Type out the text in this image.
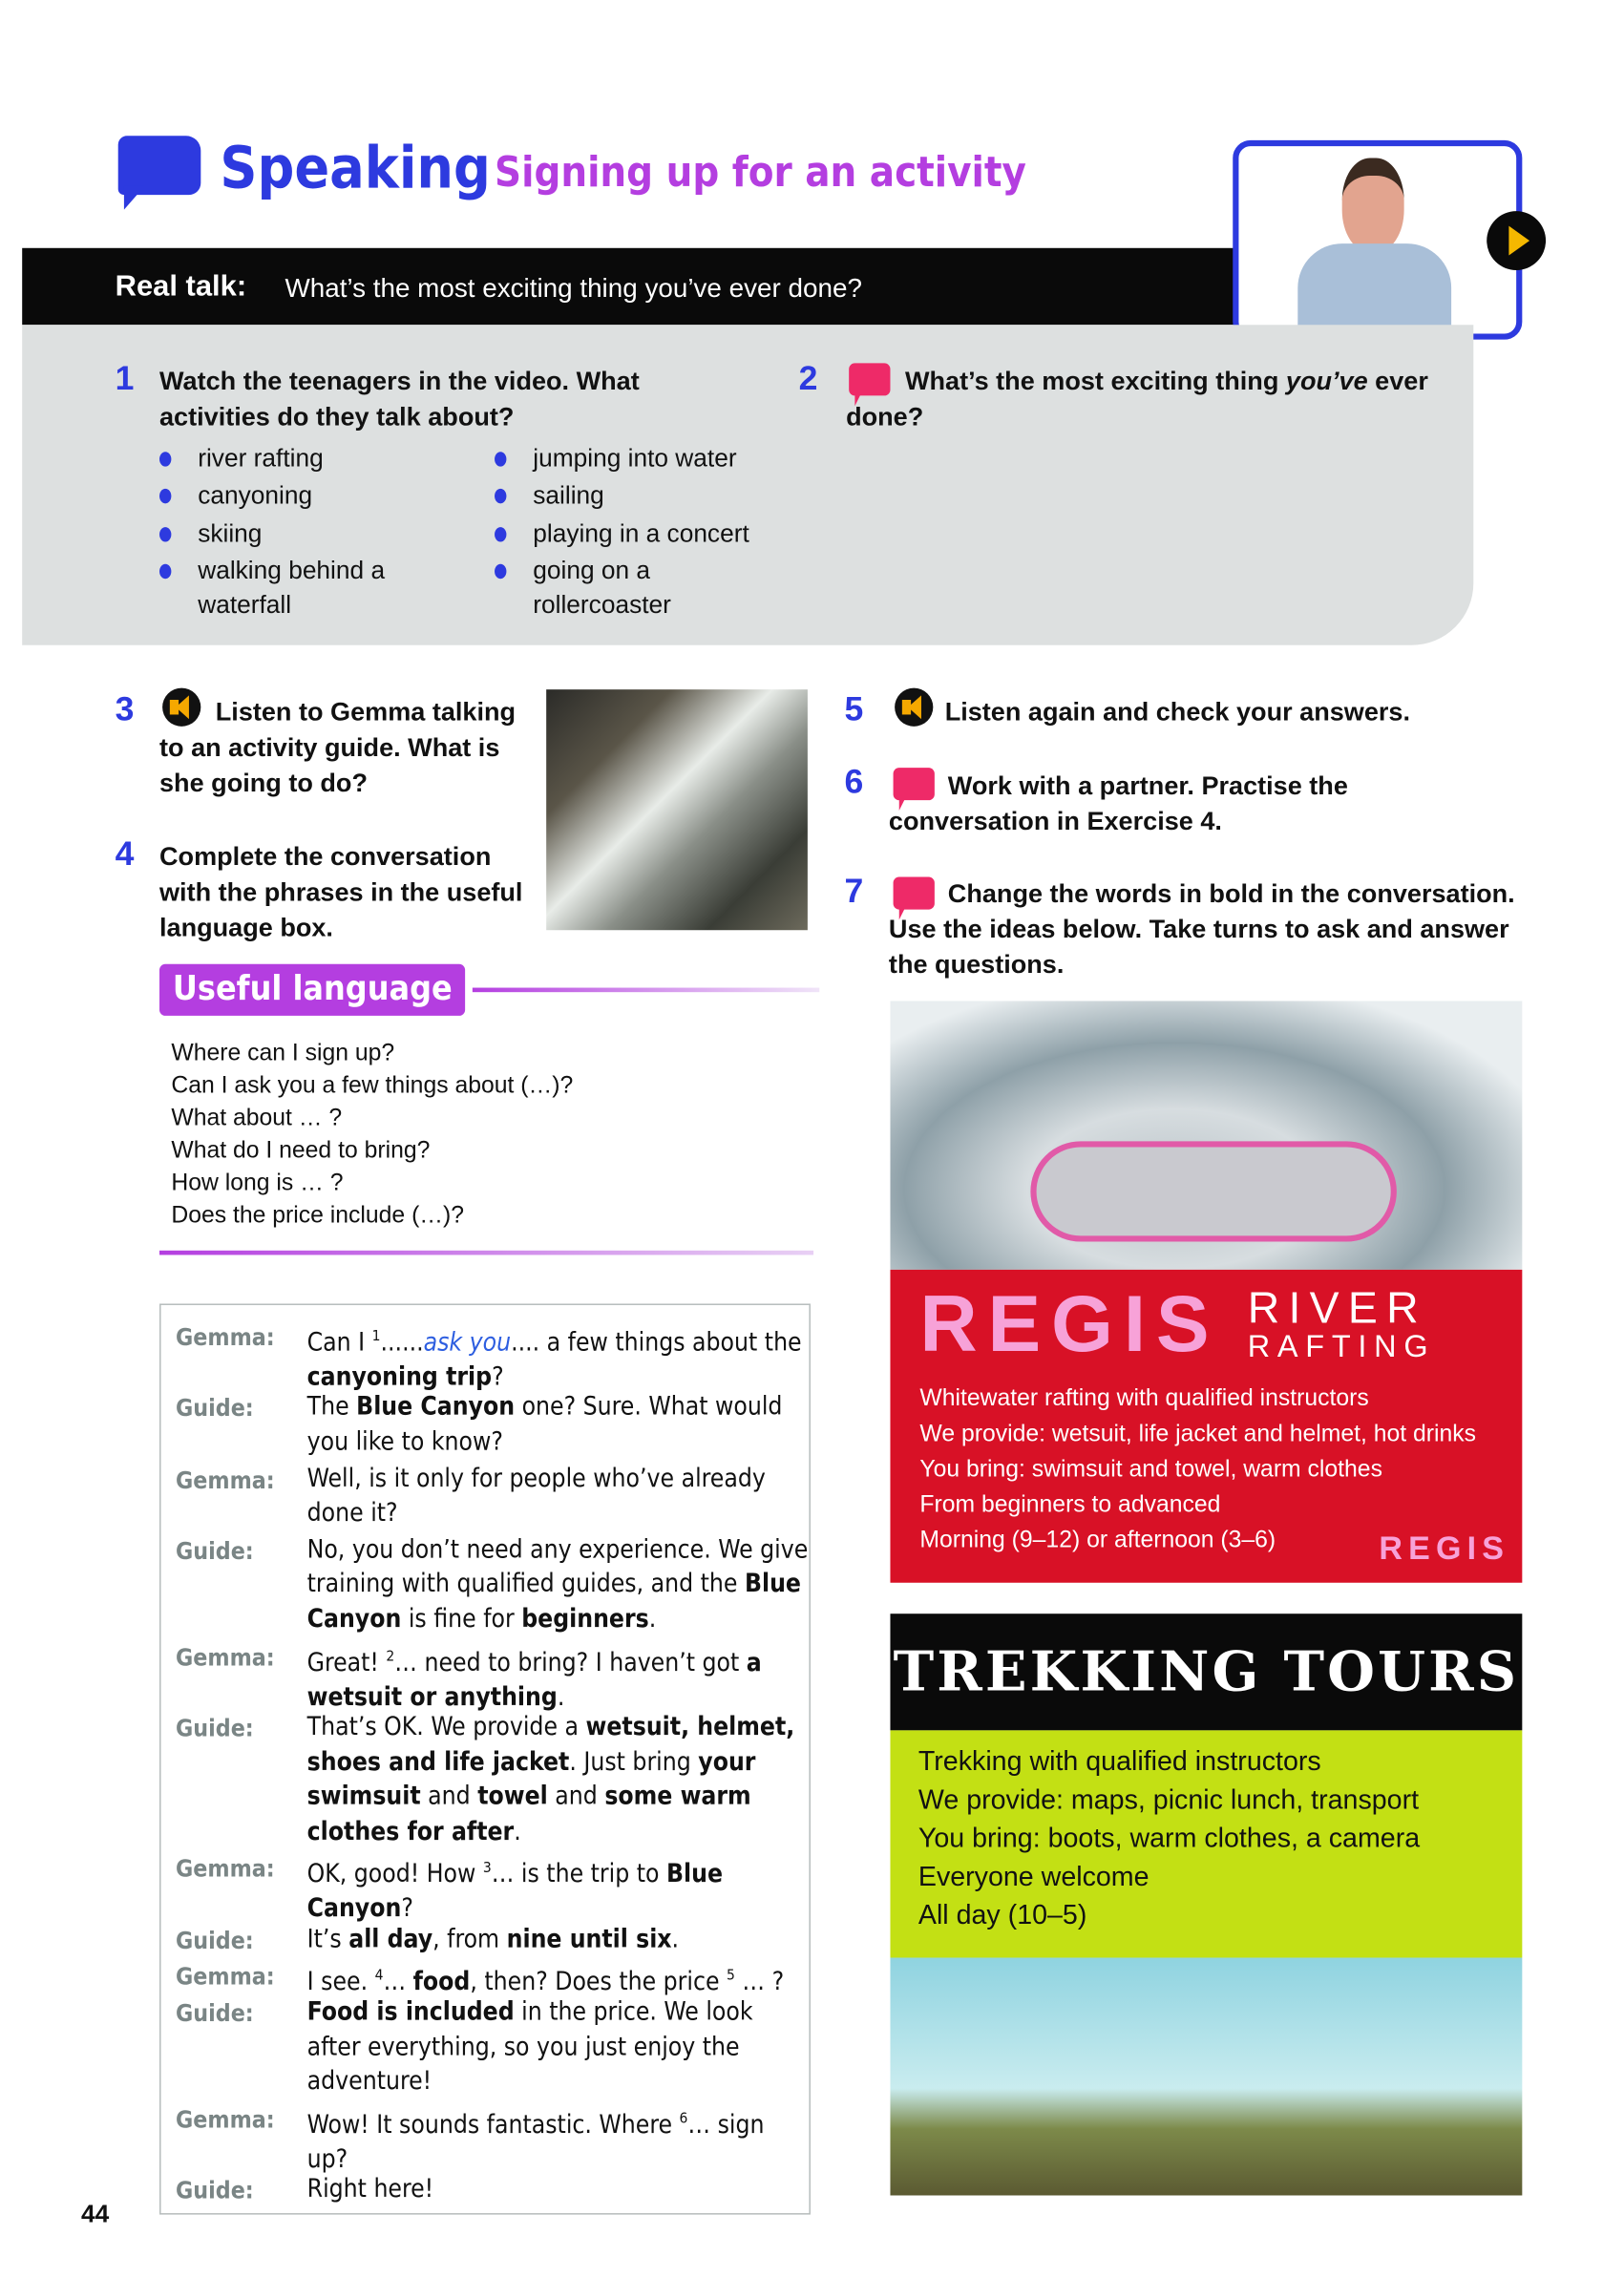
Speaking Signing up for an activity
Real talk: What’s the most exciting thing you’ve ever done?
1 Watch the teenagers in the video. What activities do they talk about?
river rafting
canyoning
skiing
walking behind a waterfall
jumping into water
sailing
playing in a concert
going on a rollercoaster
2	What’s the most exciting thing you’ve ever done?
3	Listen to Gemma talking to an activity guide. What is she going to do?
4 Complete the conversation with the phrases in the useful language box.
Useful language
Where can I sign up?
Can I ask you a few things about (…)?
What about … ?
What do I need to bring?
How long is … ?
Does the price include (…)?
Gemma: Can I $^1$......ask you.... a few things about the canyoning trip?
Guide:	The Blue Canyon one? Sure. What would you like to know?
Gemma: Well, is it only for people who’ve already done it?
Guide:	No, you don’t need any experience. We give training with qualified guides, and the Blue Canyon is fine for beginners.
Gemma: Great! $^2$… need to bring? I haven’t got a wetsuit or anything.
Guide:	That’s OK. We provide a wetsuit, helmet, shoes and life jacket. Just bring your swimsuit and towel and some warm clothes for after.
Gemma: OK, good! How $^3$… is the trip to Blue Canyon?
Guide:	It’s all day, from nine until six.
Gemma: I see. $^4$… food, then? Does the price $^5$ … ?
Guide:	Food is included in the price. We look after everything, so you just enjoy the adventure!
Gemma: Wow! It sounds fantastic. Where $^6$… sign up?
Guide:	Right here!
44
5	Listen again and check your answers.
6	Work with a partner. Practise the conversation in Exercise 4.
7	Change the words in bold in the conversation. Use the ideas below. Take turns to ask and answer the questions.
REGIS RIVER
RAFTING
Whitewater rafting with qualified instructors
We provide: wetsuit, life jacket and helmet, hot drinks
You bring: swimsuit and towel, warm clothes
From beginners to advanced
Morning (9–12) or afternoon (3–6)	REGIS
TREKKING TOURS
Trekking with qualified instructors
We provide: maps, picnic lunch, transport
You bring: boots, warm clothes, a camera
Everyone welcome
All day (10–5)
